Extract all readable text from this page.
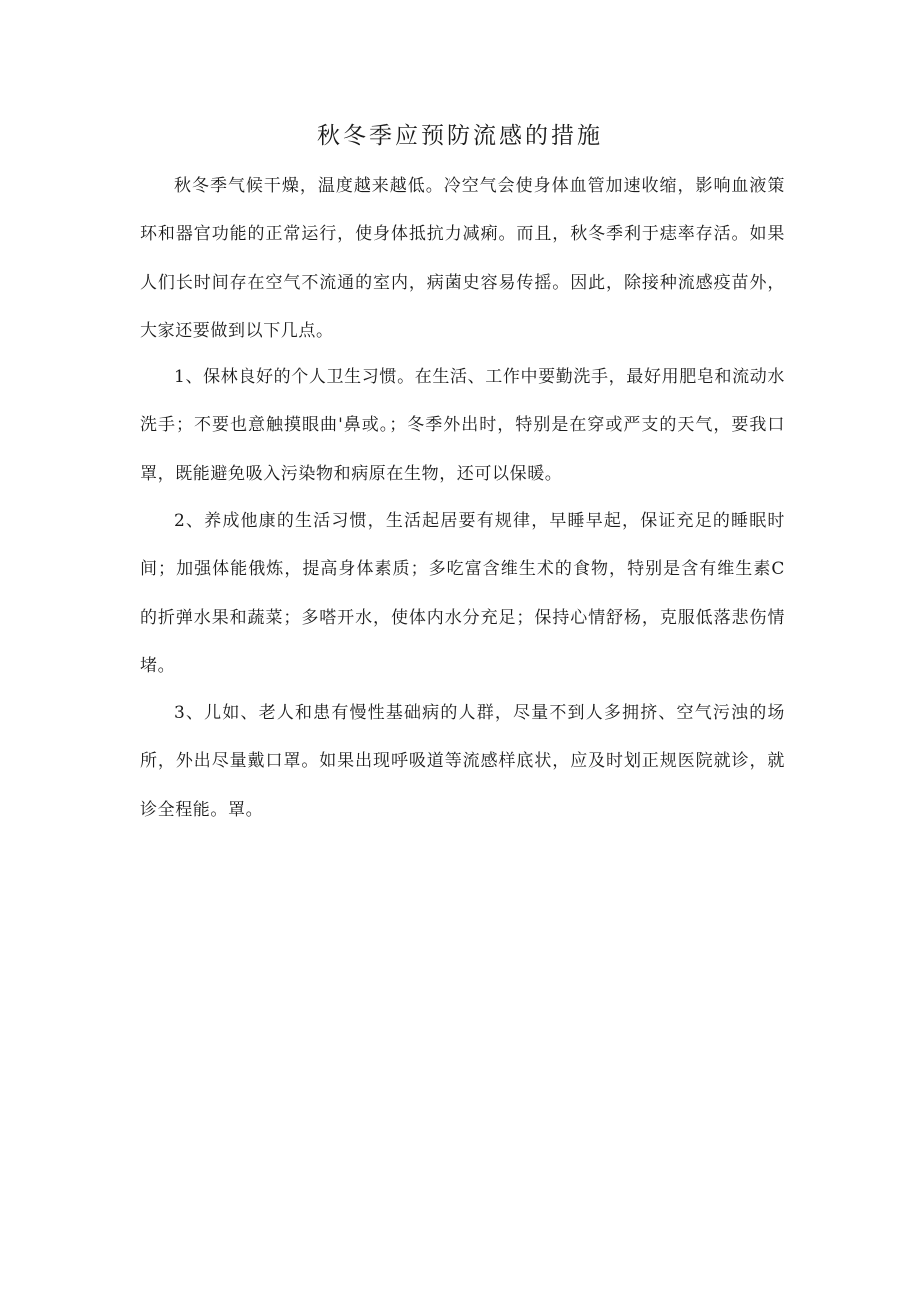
秋冬季应预防流感的措施

秋冬季气候干燥，温度越来越低。冷空气会使身体血管加速收缩，影响血液策环和器官功能的正常运行，使身体抵抗力减痢。而且，秋冬季利于痣率存活。如果人们长时间存在空气不流通的室内，病菌史容易传摇。因此，除接种流感疫苗外，大家还要做到以下几点。

1、保林良好的个人卫生习惯。在生活、工作中要勤洗手，最好用肥皂和流动水洗手；不要也意触摸眼曲'鼻或。；冬季外出时，特别是在穿或严支的天气，要我口罩，既能避免吸入污染物和病原在生物，还可以保暖。

2、养成他康的生活习惯，生活起居要有规律，早睡早起，保证充足的睡眠时间；加强体能俄炼，提高身体素质；多吃富含维生术的食物，特别是含有维生素C的折弹水果和蔬菜；多嗒开水，使体内水分充足；保持心情舒杨，克服低落悲伤情堵。

3、儿如、老人和患有慢性基础病的人群，尽量不到人多拥挤、空气污浊的场所，外出尽量戴口罩。如果出现呼吸道等流感样底状，应及时划正规医院就诊，就诊全程能。罩。
